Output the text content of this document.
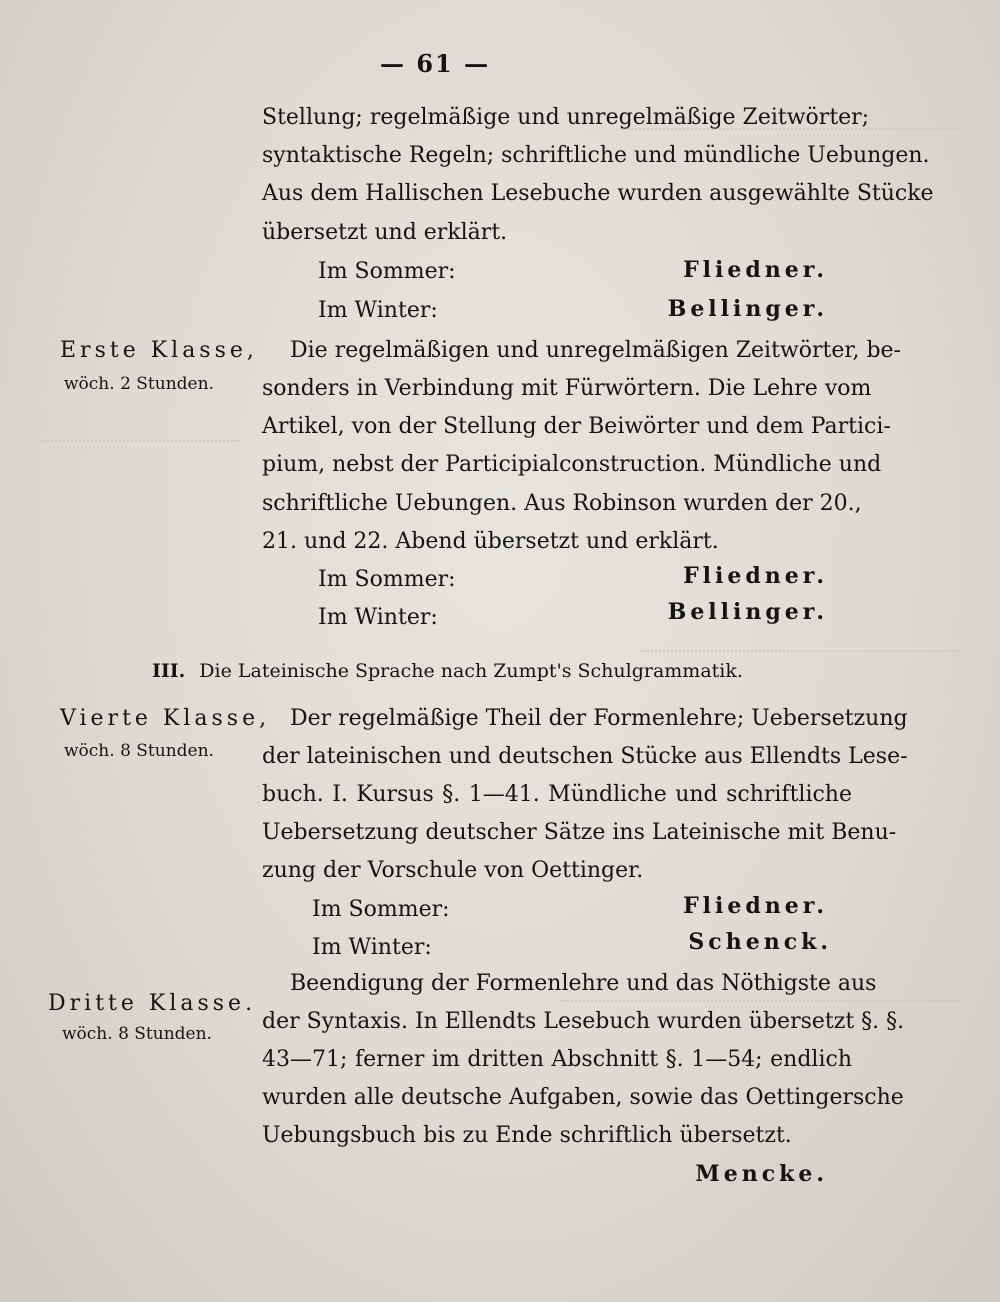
— 61 —
Stellung; regelmäßige und unregelmäßige Zeitwörter;
syntaktische Regeln; schriftliche und mündliche Uebungen.
Aus dem Hallischen Lesebuche wurden ausgewählte Stücke
übersetzt und erklärt.
Im Sommer:	Fliedner.
Im Winter:	Bellinger.
Erste Klasse,
wöch. 2 Stunden.
Die regelmäßigen und unregelmäßigen Zeitwörter, be-
sonders in Verbindung mit Fürwörtern. Die Lehre vom
Artikel, von der Stellung der Beiwörter und dem Partici-
pium, nebst der Participialconstruction. Mündliche und
schriftliche Uebungen. Aus Robinson wurden der 20.,
21. und 22. Abend übersetzt und erklärt.
Im Sommer:	Fliedner.
Im Winter:	Bellinger.
III. Die Lateinische Sprache nach Zumpt's Schulgrammatik.
Vierte Klasse,
wöch. 8 Stunden.
Der regelmäßige Theil der Formenlehre; Uebersetzung
der lateinischen und deutschen Stücke aus Ellendts Lese-
buch. I. Kursus §. 1—41. Mündliche und schriftliche
Uebersetzung deutscher Sätze ins Lateinische mit Benu-
zung der Vorschule von Oettinger.
Im Sommer:	Fliedner.
Im Winter:	Schenck.
Dritte Klasse.
wöch. 8 Stunden.
Beendigung der Formenlehre und das Nöthigste aus
der Syntaxis. In Ellendts Lesebuch wurden übersetzt §. §.
43—71; ferner im dritten Abschnitt §. 1—54; endlich
wurden alle deutsche Aufgaben, sowie das Oettingersche
Uebungsbuch bis zu Ende schriftlich übersetzt.
Mencke.
